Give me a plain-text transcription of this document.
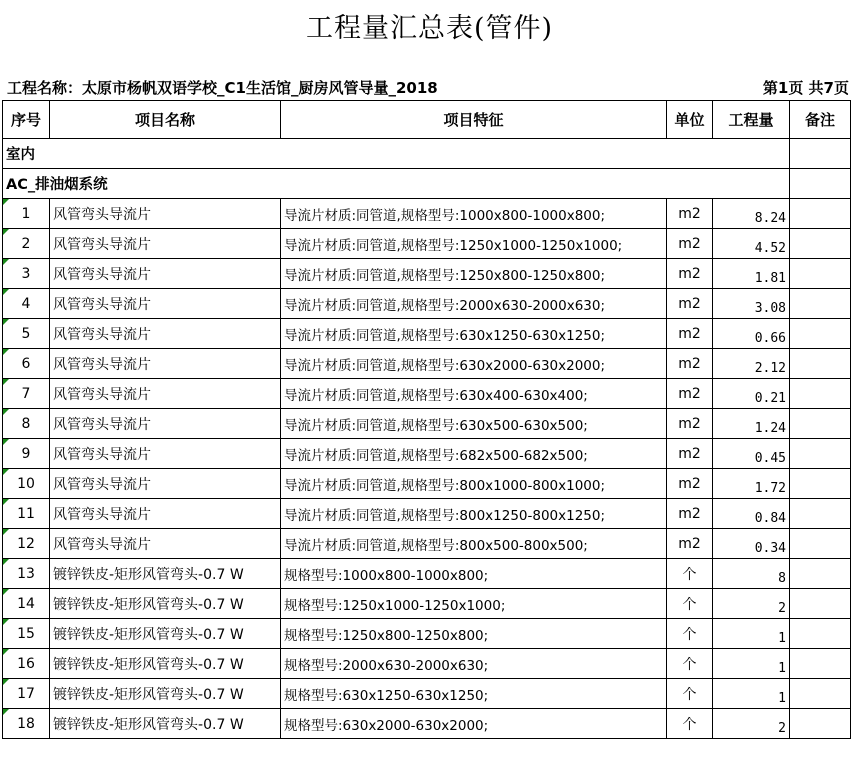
工程量汇总表(管件)
工程名称：太原市杨帆双语学校_C1生活馆_厨房风管导量_2018	第1页 共7页
序号	项目名称	项目特征	单位	工程量	备注
室内					
AC_排油烟系统					
1	风管弯头导流片	导流片材质:同管道,规格型号:1000x800-1000x800;	m2	8.24	
2	风管弯头导流片	导流片材质:同管道,规格型号:1250x1000-1250x1000;	m2	4.52	
3	风管弯头导流片	导流片材质:同管道,规格型号:1250x800-1250x800;	m2	1.81	
4	风管弯头导流片	导流片材质:同管道,规格型号:2000x630-2000x630;	m2	3.08	
5	风管弯头导流片	导流片材质:同管道,规格型号:630x1250-630x1250;	m2	0.66	
6	风管弯头导流片	导流片材质:同管道,规格型号:630x2000-630x2000;	m2	2.12	
7	风管弯头导流片	导流片材质:同管道,规格型号:630x400-630x400;	m2	0.21	
8	风管弯头导流片	导流片材质:同管道,规格型号:630x500-630x500;	m2	1.24	
9	风管弯头导流片	导流片材质:同管道,规格型号:682x500-682x500;	m2	0.45	
10	风管弯头导流片	导流片材质:同管道,规格型号:800x1000-800x1000;	m2	1.72	
11	风管弯头导流片	导流片材质:同管道,规格型号:800x1250-800x1250;	m2	0.84	
12	风管弯头导流片	导流片材质:同管道,规格型号:800x500-800x500;	m2	0.34	
13	镀锌铁皮-矩形风管弯头-0.7 W	规格型号:1000x800-1000x800;	个	8	
14	镀锌铁皮-矩形风管弯头-0.7 W	规格型号:1250x1000-1250x1000;	个	2	
15	镀锌铁皮-矩形风管弯头-0.7 W	规格型号:1250x800-1250x800;	个	1	
16	镀锌铁皮-矩形风管弯头-0.7 W	规格型号:2000x630-2000x630;	个	1	
17	镀锌铁皮-矩形风管弯头-0.7 W	规格型号:630x1250-630x1250;	个	1	
18	镀锌铁皮-矩形风管弯头-0.7 W	规格型号:630x2000-630x2000;	个	2	
